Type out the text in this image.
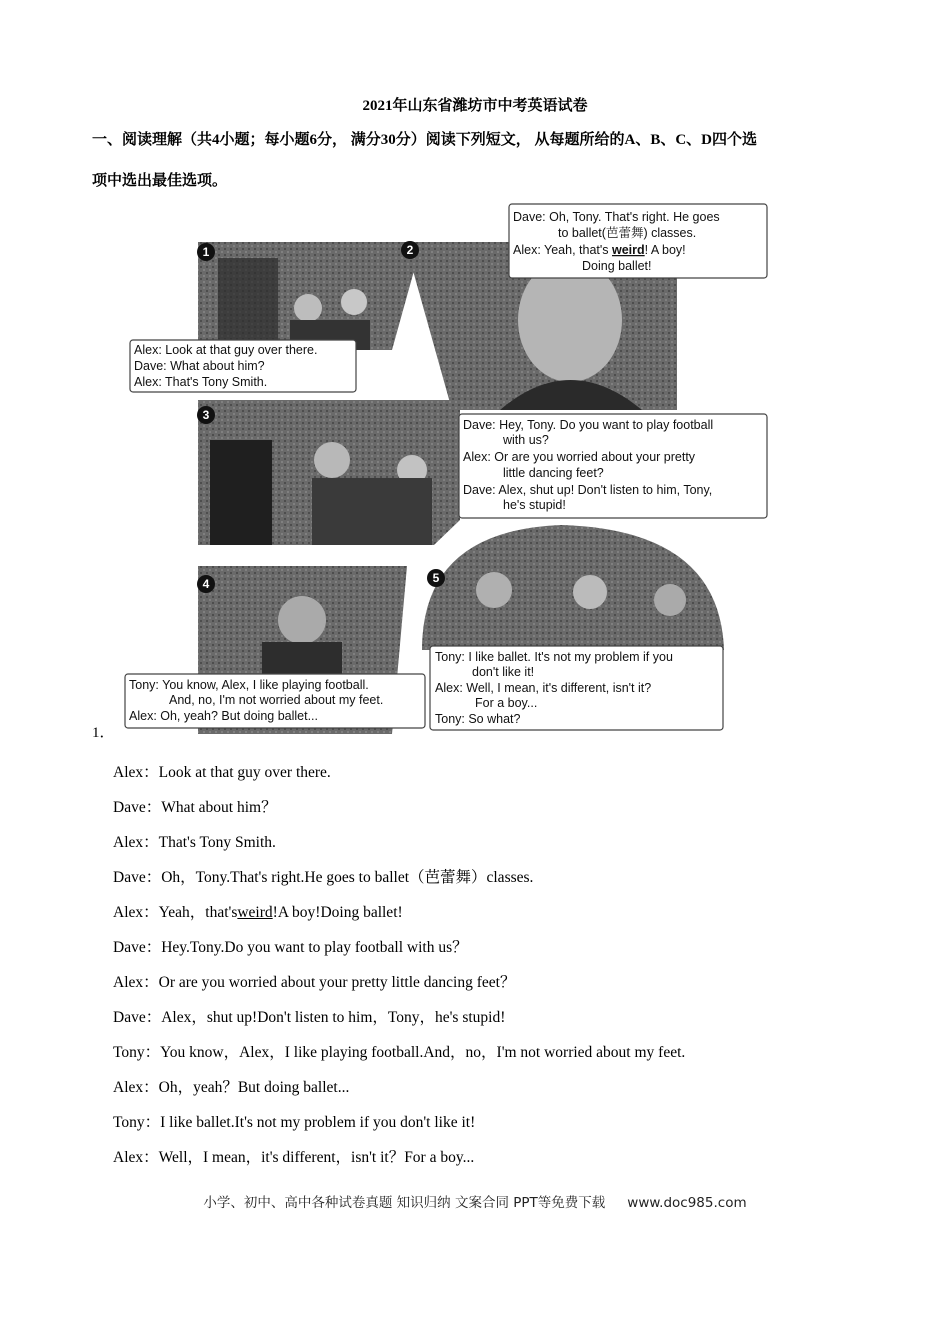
2021年山东省潍坊市中考英语试卷
一、阅读理解（共4小题；每小题6分， 满分30分）阅读下列短文， 从每题所给的A、B、C、D四个选
项中选出最佳选项。
1	2
3
4	5
Alex: Look at that guy over there.
Dave: What about him?
Alex: That's Tony Smith.
Dave: Oh, Tony. That's right. He goes
to ballet(芭蕾舞) classes.
Alex: Yeah, that's weird! A boy!
Doing ballet!
Dave: Hey, Tony. Do you want to play football
with us?
Alex: Or are you worried about your pretty
little dancing feet?
Dave: Alex, shut up! Don't listen to him, Tony,
he's stupid!
Tony: You know, Alex, I like playing football.
And, no, I'm not worried about my feet.
Alex: Oh, yeah? But doing ballet...
Tony: I like ballet. It's not my problem if you
don't like it!
Alex: Well, I mean, it's different, isn't it?
For a boy...
Tony: So what?
1．
Alex：Look at that guy over there.
Dave：What about him？
Alex：That's Tony Smith.
Dave：Oh，Tony.That's right.He goes to ballet（芭蕾舞）classes.
Alex：Yeah，that'sweird!A boy!Doing ballet!
Dave：Hey.Tony.Do you want to play football with us？
Alex：Or are you worried about your pretty little dancing feet？
Dave：Alex，shut up!Don't listen to him，Tony，he's stupid!
Tony：You know，Alex，I like playing football.And，no，I'm not worried about my feet.
Alex：Oh，yeah？But doing ballet...
Tony：I like ballet.It's not my problem if you don't like it!
Alex：Well，I mean，it's different，isn't it？For a boy...
小学、初中、高中各种试卷真题 知识归纳 文案合同 PPT等免费下载 www.doc985.com
